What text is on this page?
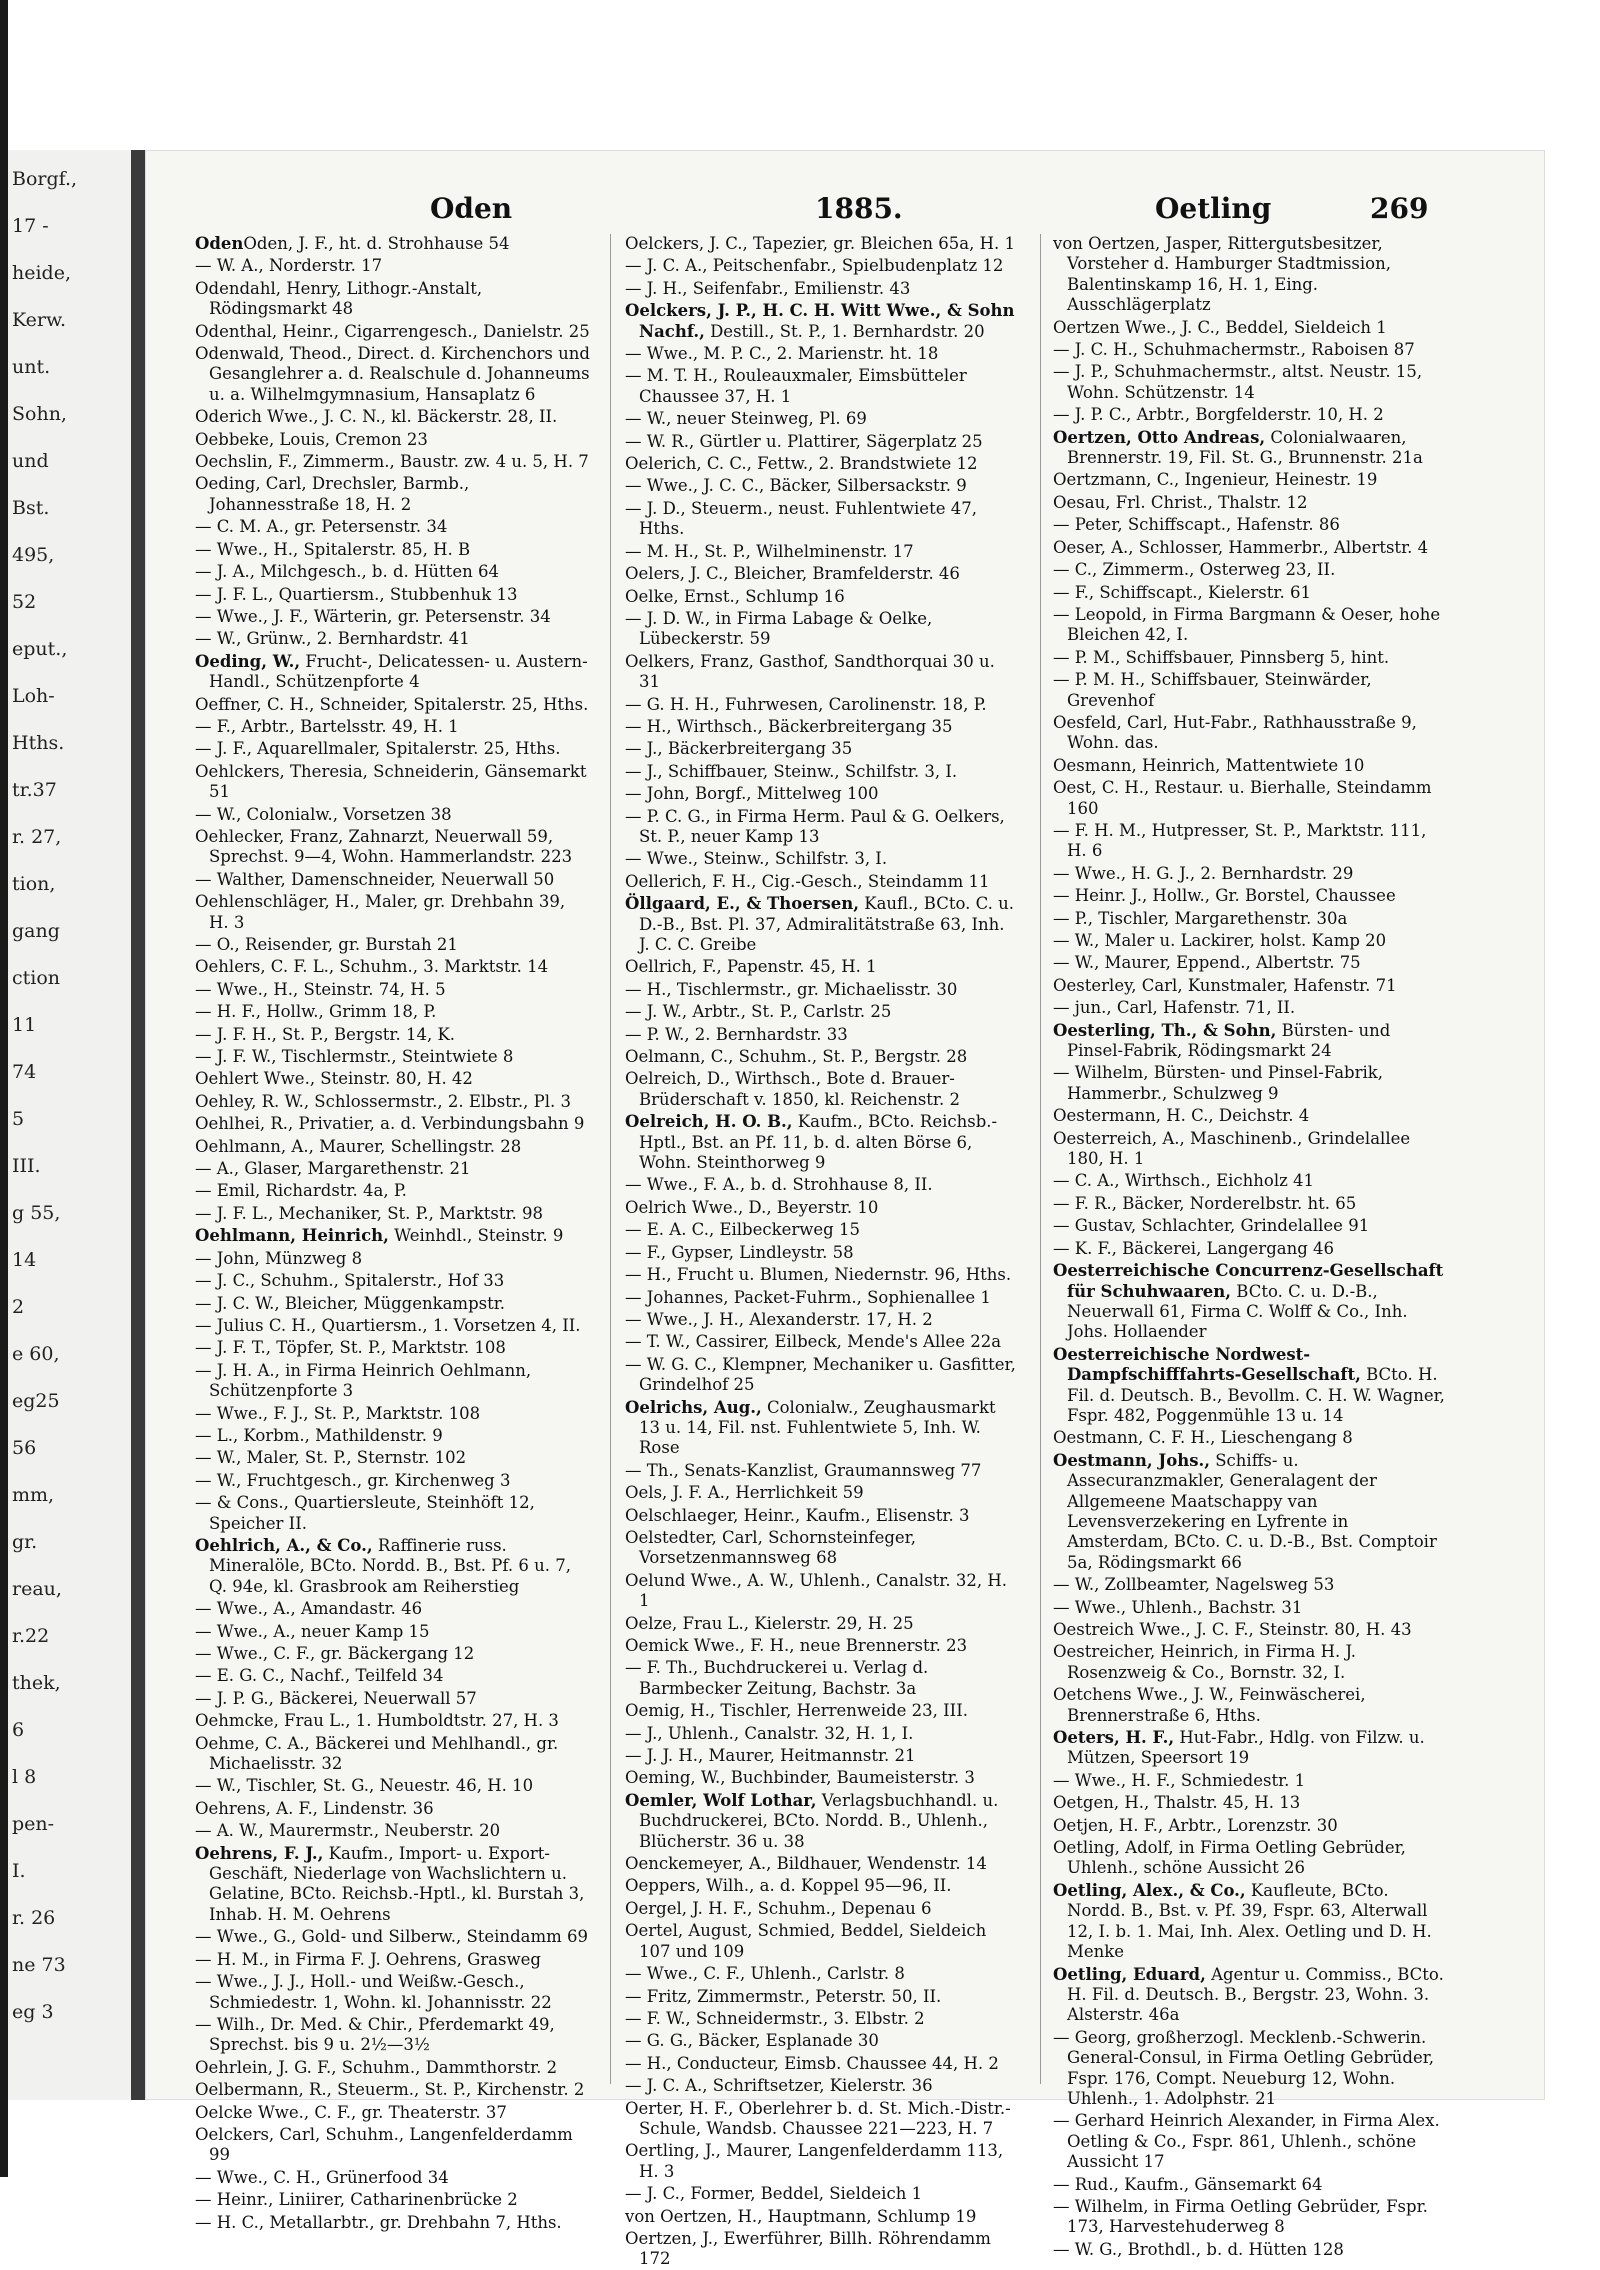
Borgf.,
17 -
heide,
Kerw.
unt.
Sohn,
und
Bst.
495,
52
eput.,
Loh-
Hths.
tr.37
r. 27,
tion,
gang
ction
11
74
5
III.
g 55,
14
2
e 60,
eg25
56
mm,
gr.
reau,
r.22
thek,
6
l 8
pen-
I.
r. 26
ne 73
eg 3
Oden	1885.	Oetling	269
OdenOden, J. F., ht. d. Strohhause 54
— W. A., Norderstr. 17
Odendahl, Henry, Lithogr.-Anstalt, Rödingsmarkt 48
Odenthal, Heinr., Cigarrengesch., Danielstr. 25
Odenwald, Theod., Direct. d. Kirchenchors und Gesanglehrer a. d. Realschule d. Johanneums u. a. Wilhelmgymnasium, Hansaplatz 6
Oderich Wwe., J. C. N., kl. Bäckerstr. 28, II.
Oebbeke, Louis, Cremon 23
Oechslin, F., Zimmerm., Baustr. zw. 4 u. 5, H. 7
Oeding, Carl, Drechsler, Barmb., Johannesstraße 18, H. 2
— C. M. A., gr. Petersenstr. 34
— Wwe., H., Spitalerstr. 85, H. B
— J. A., Milchgesch., b. d. Hütten 64
— J. F. L., Quartiersm., Stubbenhuk 13
— Wwe., J. F., Wärterin, gr. Petersenstr. 34
— W., Grünw., 2. Bernhardstr. 41
Oeding, W., Frucht-, Delicatessen- u. Austern-Handl., Schützenpforte 4
Oeffner, C. H., Schneider, Spitalerstr. 25, Hths.
— F., Arbtr., Bartelsstr. 49, H. 1
— J. F., Aquarellmaler, Spitalerstr. 25, Hths.
Oehlckers, Theresia, Schneiderin, Gänsemarkt 51
— W., Colonialw., Vorsetzen 38
Oehlecker, Franz, Zahnarzt, Neuerwall 59, Sprechst. 9—4, Wohn. Hammerlandstr. 223
— Walther, Damenschneider, Neuerwall 50
Oehlenschläger, H., Maler, gr. Drehbahn 39, H. 3
— O., Reisender, gr. Burstah 21
Oehlers, C. F. L., Schuhm., 3. Marktstr. 14
— Wwe., H., Steinstr. 74, H. 5
— H. F., Hollw., Grimm 18, P.
— J. F. H., St. P., Bergstr. 14, K.
— J. F. W., Tischlermstr., Steintwiete 8
Oehlert Wwe., Steinstr. 80, H. 42
Oehley, R. W., Schlossermstr., 2. Elbstr., Pl. 3
Oehlhei, R., Privatier, a. d. Verbindungsbahn 9
Oehlmann, A., Maurer, Schellingstr. 28
— A., Glaser, Margarethenstr. 21
— Emil, Richardstr. 4a, P.
— J. F. L., Mechaniker, St. P., Marktstr. 98
Oehlmann, Heinrich, Weinhdl., Steinstr. 9
— John, Münzweg 8
— J. C., Schuhm., Spitalerstr., Hof 33
— J. C. W., Bleicher, Müggenkampstr.
— Julius C. H., Quartiersm., 1. Vorsetzen 4, II.
— J. F. T., Töpfer, St. P., Marktstr. 108
— J. H. A., in Firma Heinrich Oehlmann, Schützenpforte 3
— Wwe., F. J., St. P., Marktstr. 108
— L., Korbm., Mathildenstr. 9
— W., Maler, St. P., Sternstr. 102
— W., Fruchtgesch., gr. Kirchenweg 3
— & Cons., Quartiersleute, Steinhöft 12, Speicher II.
Oehlrich, A., & Co., Raffinerie russ. Mineralöle, BCto. Nordd. B., Bst. Pf. 6 u. 7, Q. 94e, kl. Grasbrook am Reiherstieg
— Wwe., A., Amandastr. 46
— Wwe., A., neuer Kamp 15
— Wwe., C. F., gr. Bäckergang 12
— E. G. C., Nachf., Teilfeld 34
— J. P. G., Bäckerei, Neuerwall 57
Oehmcke, Frau L., 1. Humboldtstr. 27, H. 3
Oehme, C. A., Bäckerei und Mehlhandl., gr. Michaelisstr. 32
— W., Tischler, St. G., Neuestr. 46, H. 10
Oehrens, A. F., Lindenstr. 36
— A. W., Maurermstr., Neuberstr. 20
Oehrens, F. J., Kaufm., Import- u. Export-Geschäft, Niederlage von Wachslichtern u. Gelatine, BCto. Reichsb.-Hptl., kl. Burstah 3, Inhab. H. M. Oehrens
— Wwe., G., Gold- und Silberw., Steindamm 69
— H. M., in Firma F. J. Oehrens, Grasweg
— Wwe., J. J., Holl.- und Weißw.-Gesch., Schmiedestr. 1, Wohn. kl. Johannisstr. 22
— Wilh., Dr. Med. & Chir., Pferdemarkt 49, Sprechst. bis 9 u. 2½—3½
Oehrlein, J. G. F., Schuhm., Dammthorstr. 2
Oelbermann, R., Steuerm., St. P., Kirchenstr. 2
Oelcke Wwe., C. F., gr. Theaterstr. 37
Oelckers, Carl, Schuhm., Langenfelderdamm 99
— Wwe., C. H., Grünerfood 34
— Heinr., Liniirer, Catharinenbrücke 2
— H. C., Metallarbtr., gr. Drehbahn 7, Hths.
Oelckers, J. C., Tapezier, gr. Bleichen 65a, H. 1
— J. C. A., Peitschenfabr., Spielbudenplatz 12
— J. H., Seifenfabr., Emilienstr. 43
Oelckers, J. P., H. C. H. Witt Wwe., & Sohn Nachf., Destill., St. P., 1. Bernhardstr. 20
— Wwe., M. P. C., 2. Marienstr. ht. 18
— M. T. H., Rouleauxmaler, Eimsbütteler Chaussee 37, H. 1
— W., neuer Steinweg, Pl. 69
— W. R., Gürtler u. Plattirer, Sägerplatz 25
Oelerich, C. C., Fettw., 2. Brandstwiete 12
— Wwe., J. C. C., Bäcker, Silbersackstr. 9
— J. D., Steuerm., neust. Fuhlentwiete 47, Hths.
— M. H., St. P., Wilhelminenstr. 17
Oelers, J. C., Bleicher, Bramfelderstr. 46
Oelke, Ernst., Schlump 16
— J. D. W., in Firma Labage & Oelke, Lübeckerstr. 59
Oelkers, Franz, Gasthof, Sandthorquai 30 u. 31
— G. H. H., Fuhrwesen, Carolinenstr. 18, P.
— H., Wirthsch., Bäckerbreitergang 35
— J., Bäckerbreitergang 35
— J., Schiffbauer, Steinw., Schilfstr. 3, I.
— John, Borgf., Mittelweg 100
— P. C. G., in Firma Herm. Paul & G. Oelkers, St. P., neuer Kamp 13
— Wwe., Steinw., Schilfstr. 3, I.
Oellerich, F. H., Cig.-Gesch., Steindamm 11
Öllgaard, E., & Thoersen, Kaufl., BCto. C. u. D.-B., Bst. Pl. 37, Admiralitätstraße 63, Inh. J. C. C. Greibe
Oellrich, F., Papenstr. 45, H. 1
— H., Tischlermstr., gr. Michaelisstr. 30
— J. W., Arbtr., St. P., Carlstr. 25
— P. W., 2. Bernhardstr. 33
Oelmann, C., Schuhm., St. P., Bergstr. 28
Oelreich, D., Wirthsch., Bote d. Brauer-Brüderschaft v. 1850, kl. Reichenstr. 2
Oelreich, H. O. B., Kaufm., BCto. Reichsb.-Hptl., Bst. an Pf. 11, b. d. alten Börse 6, Wohn. Steinthorweg 9
— Wwe., F. A., b. d. Strohhause 8, II.
Oelrich Wwe., D., Beyerstr. 10
— E. A. C., Eilbeckerweg 15
— F., Gypser, Lindleystr. 58
— H., Frucht u. Blumen, Niedernstr. 96, Hths.
— Johannes, Packet-Fuhrm., Sophienallee 1
— Wwe., J. H., Alexanderstr. 17, H. 2
— T. W., Cassirer, Eilbeck, Mende's Allee 22a
— W. G. C., Klempner, Mechaniker u. Gasfitter, Grindelhof 25
Oelrichs, Aug., Colonialw., Zeughausmarkt 13 u. 14, Fil. nst. Fuhlentwiete 5, Inh. W. Rose
— Th., Senats-Kanzlist, Graumannsweg 77
Oels, J. F. A., Herrlichkeit 59
Oelschlaeger, Heinr., Kaufm., Elisenstr. 3
Oelstedter, Carl, Schornsteinfeger, Vorsetzenmannsweg 68
Oelund Wwe., A. W., Uhlenh., Canalstr. 32, H. 1
Oelze, Frau L., Kielerstr. 29, H. 25
Oemick Wwe., F. H., neue Brennerstr. 23
— F. Th., Buchdruckerei u. Verlag d. Barmbecker Zeitung, Bachstr. 3a
Oemig, H., Tischler, Herrenweide 23, III.
— J., Uhlenh., Canalstr. 32, H. 1, I.
— J. J. H., Maurer, Heitmannstr. 21
Oeming, W., Buchbinder, Baumeisterstr. 3
Oemler, Wolf Lothar, Verlagsbuchhandl. u. Buchdruckerei, BCto. Nordd. B., Uhlenh., Blücherstr. 36 u. 38
Oenckemeyer, A., Bildhauer, Wendenstr. 14
Oeppers, Wilh., a. d. Koppel 95—96, II.
Oergel, J. H. F., Schuhm., Depenau 6
Oertel, August, Schmied, Beddel, Sieldeich 107 und 109
— Wwe., C. F., Uhlenh., Carlstr. 8
— Fritz, Zimmermstr., Peterstr. 50, II.
— F. W., Schneidermstr., 3. Elbstr. 2
— G. G., Bäcker, Esplanade 30
— H., Conducteur, Eimsb. Chaussee 44, H. 2
— J. C. A., Schriftsetzer, Kielerstr. 36
Oerter, H. F., Oberlehrer b. d. St. Mich.-Distr.-Schule, Wandsb. Chaussee 221—223, H. 7
Oertling, J., Maurer, Langenfelderdamm 113, H. 3
— J. C., Former, Beddel, Sieldeich 1
von Oertzen, H., Hauptmann, Schlump 19
Oertzen, J., Ewerführer, Billh. Röhrendamm 172
von Oertzen, Jasper, Rittergutsbesitzer, Vorsteher d. Hamburger Stadtmission, Balentinskamp 16, H. 1, Eing. Ausschlägerplatz
Oertzen Wwe., J. C., Beddel, Sieldeich 1
— J. C. H., Schuhmachermstr., Raboisen 87
— J. P., Schuhmachermstr., altst. Neustr. 15, Wohn. Schützenstr. 14
— J. P. C., Arbtr., Borgfelderstr. 10, H. 2
Oertzen, Otto Andreas, Colonialwaaren, Brennerstr. 19, Fil. St. G., Brunnenstr. 21a
Oertzmann, C., Ingenieur, Heinestr. 19
Oesau, Frl. Christ., Thalstr. 12
— Peter, Schiffscapt., Hafenstr. 86
Oeser, A., Schlosser, Hammerbr., Albertstr. 4
— C., Zimmerm., Osterweg 23, II.
— F., Schiffscapt., Kielerstr. 61
— Leopold, in Firma Bargmann & Oeser, hohe Bleichen 42, I.
— P. M., Schiffsbauer, Pinnsberg 5, hint.
— P. M. H., Schiffsbauer, Steinwärder, Grevenhof
Oesfeld, Carl, Hut-Fabr., Rathhausstraße 9, Wohn. das.
Oesmann, Heinrich, Mattentwiete 10
Oest, C. H., Restaur. u. Bierhalle, Steindamm 160
— F. H. M., Hutpresser, St. P., Marktstr. 111, H. 6
— Wwe., H. G. J., 2. Bernhardstr. 29
— Heinr. J., Hollw., Gr. Borstel, Chaussee
— P., Tischler, Margarethenstr. 30a
— W., Maler u. Lackirer, holst. Kamp 20
— W., Maurer, Eppend., Albertstr. 75
Oesterley, Carl, Kunstmaler, Hafenstr. 71
— jun., Carl, Hafenstr. 71, II.
Oesterling, Th., & Sohn, Bürsten- und Pinsel-Fabrik, Rödingsmarkt 24
— Wilhelm, Bürsten- und Pinsel-Fabrik, Hammerbr., Schulzweg 9
Oestermann, H. C., Deichstr. 4
Oesterreich, A., Maschinenb., Grindelallee 180, H. 1
— C. A., Wirthsch., Eichholz 41
— F. R., Bäcker, Norderelbstr. ht. 65
— Gustav, Schlachter, Grindelallee 91
— K. F., Bäckerei, Langergang 46
Oesterreichische Concurrenz-Gesellschaft für Schuhwaaren, BCto. C. u. D.-B., Neuerwall 61, Firma C. Wolff & Co., Inh. Johs. Hollaender
Oesterreichische Nordwest-Dampfschifffahrts-Gesellschaft, BCto. H. Fil. d. Deutsch. B., Bevollm. C. H. W. Wagner, Fspr. 482, Poggenmühle 13 u. 14
Oestmann, C. F. H., Lieschengang 8
Oestmann, Johs., Schiffs- u. Assecuranzmakler, Generalagent der Allgemeene Maatschappy van Levensverzekering en Lyfrente in Amsterdam, BCto. C. u. D.-B., Bst. Comptoir 5a, Rödingsmarkt 66
— W., Zollbeamter, Nagelsweg 53
— Wwe., Uhlenh., Bachstr. 31
Oestreich Wwe., J. C. F., Steinstr. 80, H. 43
Oestreicher, Heinrich, in Firma H. J. Rosenzweig & Co., Bornstr. 32, I.
Oetchens Wwe., J. W., Feinwäscherei, Brennerstraße 6, Hths.
Oeters, H. F., Hut-Fabr., Hdlg. von Filzw. u. Mützen, Speersort 19
— Wwe., H. F., Schmiedestr. 1
Oetgen, H., Thalstr. 45, H. 13
Oetjen, H. F., Arbtr., Lorenzstr. 30
Oetling, Adolf, in Firma Oetling Gebrüder, Uhlenh., schöne Aussicht 26
Oetling, Alex., & Co., Kaufleute, BCto. Nordd. B., Bst. v. Pf. 39, Fspr. 63, Alterwall 12, I. b. 1. Mai, Inh. Alex. Oetling und D. H. Menke
Oetling, Eduard, Agentur u. Commiss., BCto. H. Fil. d. Deutsch. B., Bergstr. 23, Wohn. 3. Alsterstr. 46a
— Georg, großherzogl. Mecklenb.-Schwerin. General-Consul, in Firma Oetling Gebrüder, Fspr. 176, Compt. Neueburg 12, Wohn. Uhlenh., 1. Adolphstr. 21
— Gerhard Heinrich Alexander, in Firma Alex. Oetling & Co., Fspr. 861, Uhlenh., schöne Aussicht 17
— Rud., Kaufm., Gänsemarkt 64
— Wilhelm, in Firma Oetling Gebrüder, Fspr. 173, Harvestehuderweg 8
— W. G., Brothdl., b. d. Hütten 128
